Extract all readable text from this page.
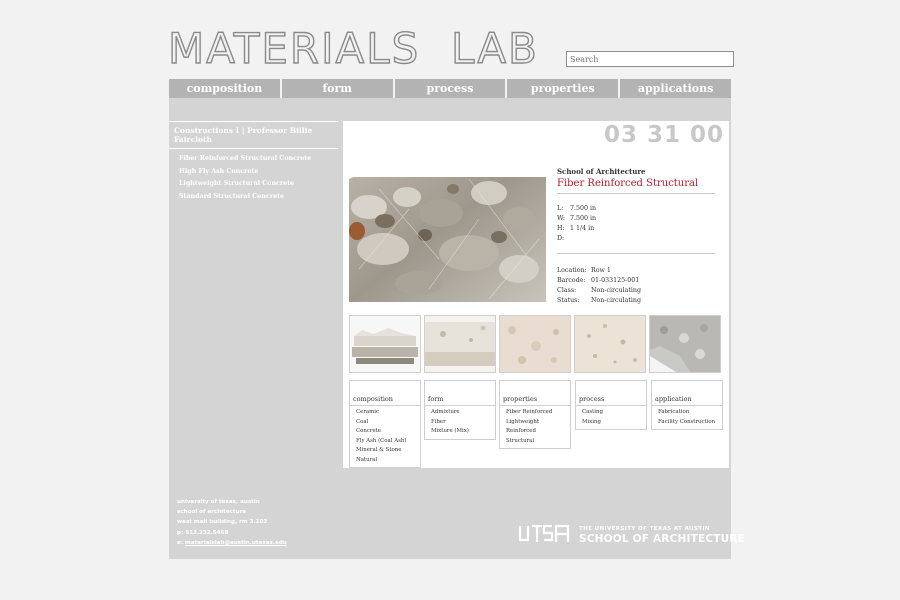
MATERIALS  LAB
Search
composition	form	process	properties	applications
Constructions I | Professor Billie Faircloth
Fiber Reinforced Structural Concrete
High Fly Ash Concrete
Lightweight Structural Concrete
Standard Structural Concrete
03 31 00
School of Architecture
Fiber Reinforced Structural
L:	7.500 in
W: 7.500 in
H: 1 1/4 in
D:
Location: Row 1
Barcode: 01-033125-001
Class:	Non-circulating
Status:	Non-circulating
composition
Ceramic
Coal
Concrete
Fly Ash (Coal Ash)
Mineral & Stone
Natural
form
Admixture
Fiber
Mixture (Mix)
properties
Fiber Reinforced
Lightweight
Reinforced
Structural
process
Casting
Mixing
application
Fabrication
Facility Construction
university of texas, austin
school of architecture
west mall building, rm 3.102
p: 512.232.5469
e: materialslab@austin.utexas.edu
THE UNIVERSITY OF TEXAS AT AUSTIN
SCHOOL OF ARCHITECTURE
